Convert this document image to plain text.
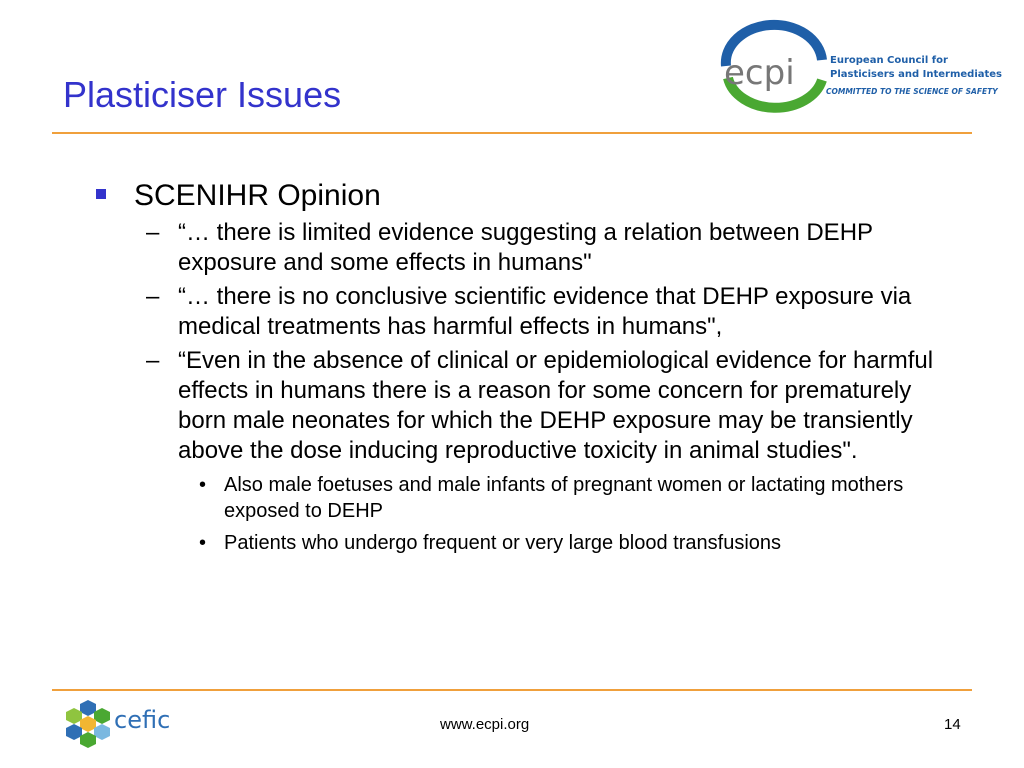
Plasticiser Issues
ecpi	European Council for
Plasticisers and Intermediates
COMMITTED TO THE SCIENCE OF SAFETY
SCENIHR Opinion
– “… there is limited evidence suggesting a relation between DEHP exposure and some effects in humans"
– “… there is no conclusive scientific evidence that DEHP exposure via medical treatments has harmful effects in humans",
– “Even in the absence of clinical or epidemiological evidence for harmful effects in humans there is a reason for some concern for prematurely born male neonates for which the DEHP exposure may be transiently above the dose inducing reproductive toxicity in animal studies".
• Also male foetuses and male infants of pregnant women or lactating mothers exposed to DEHP
• Patients who undergo frequent or very large blood transfusions
cefic	www.ecpi.org	14
